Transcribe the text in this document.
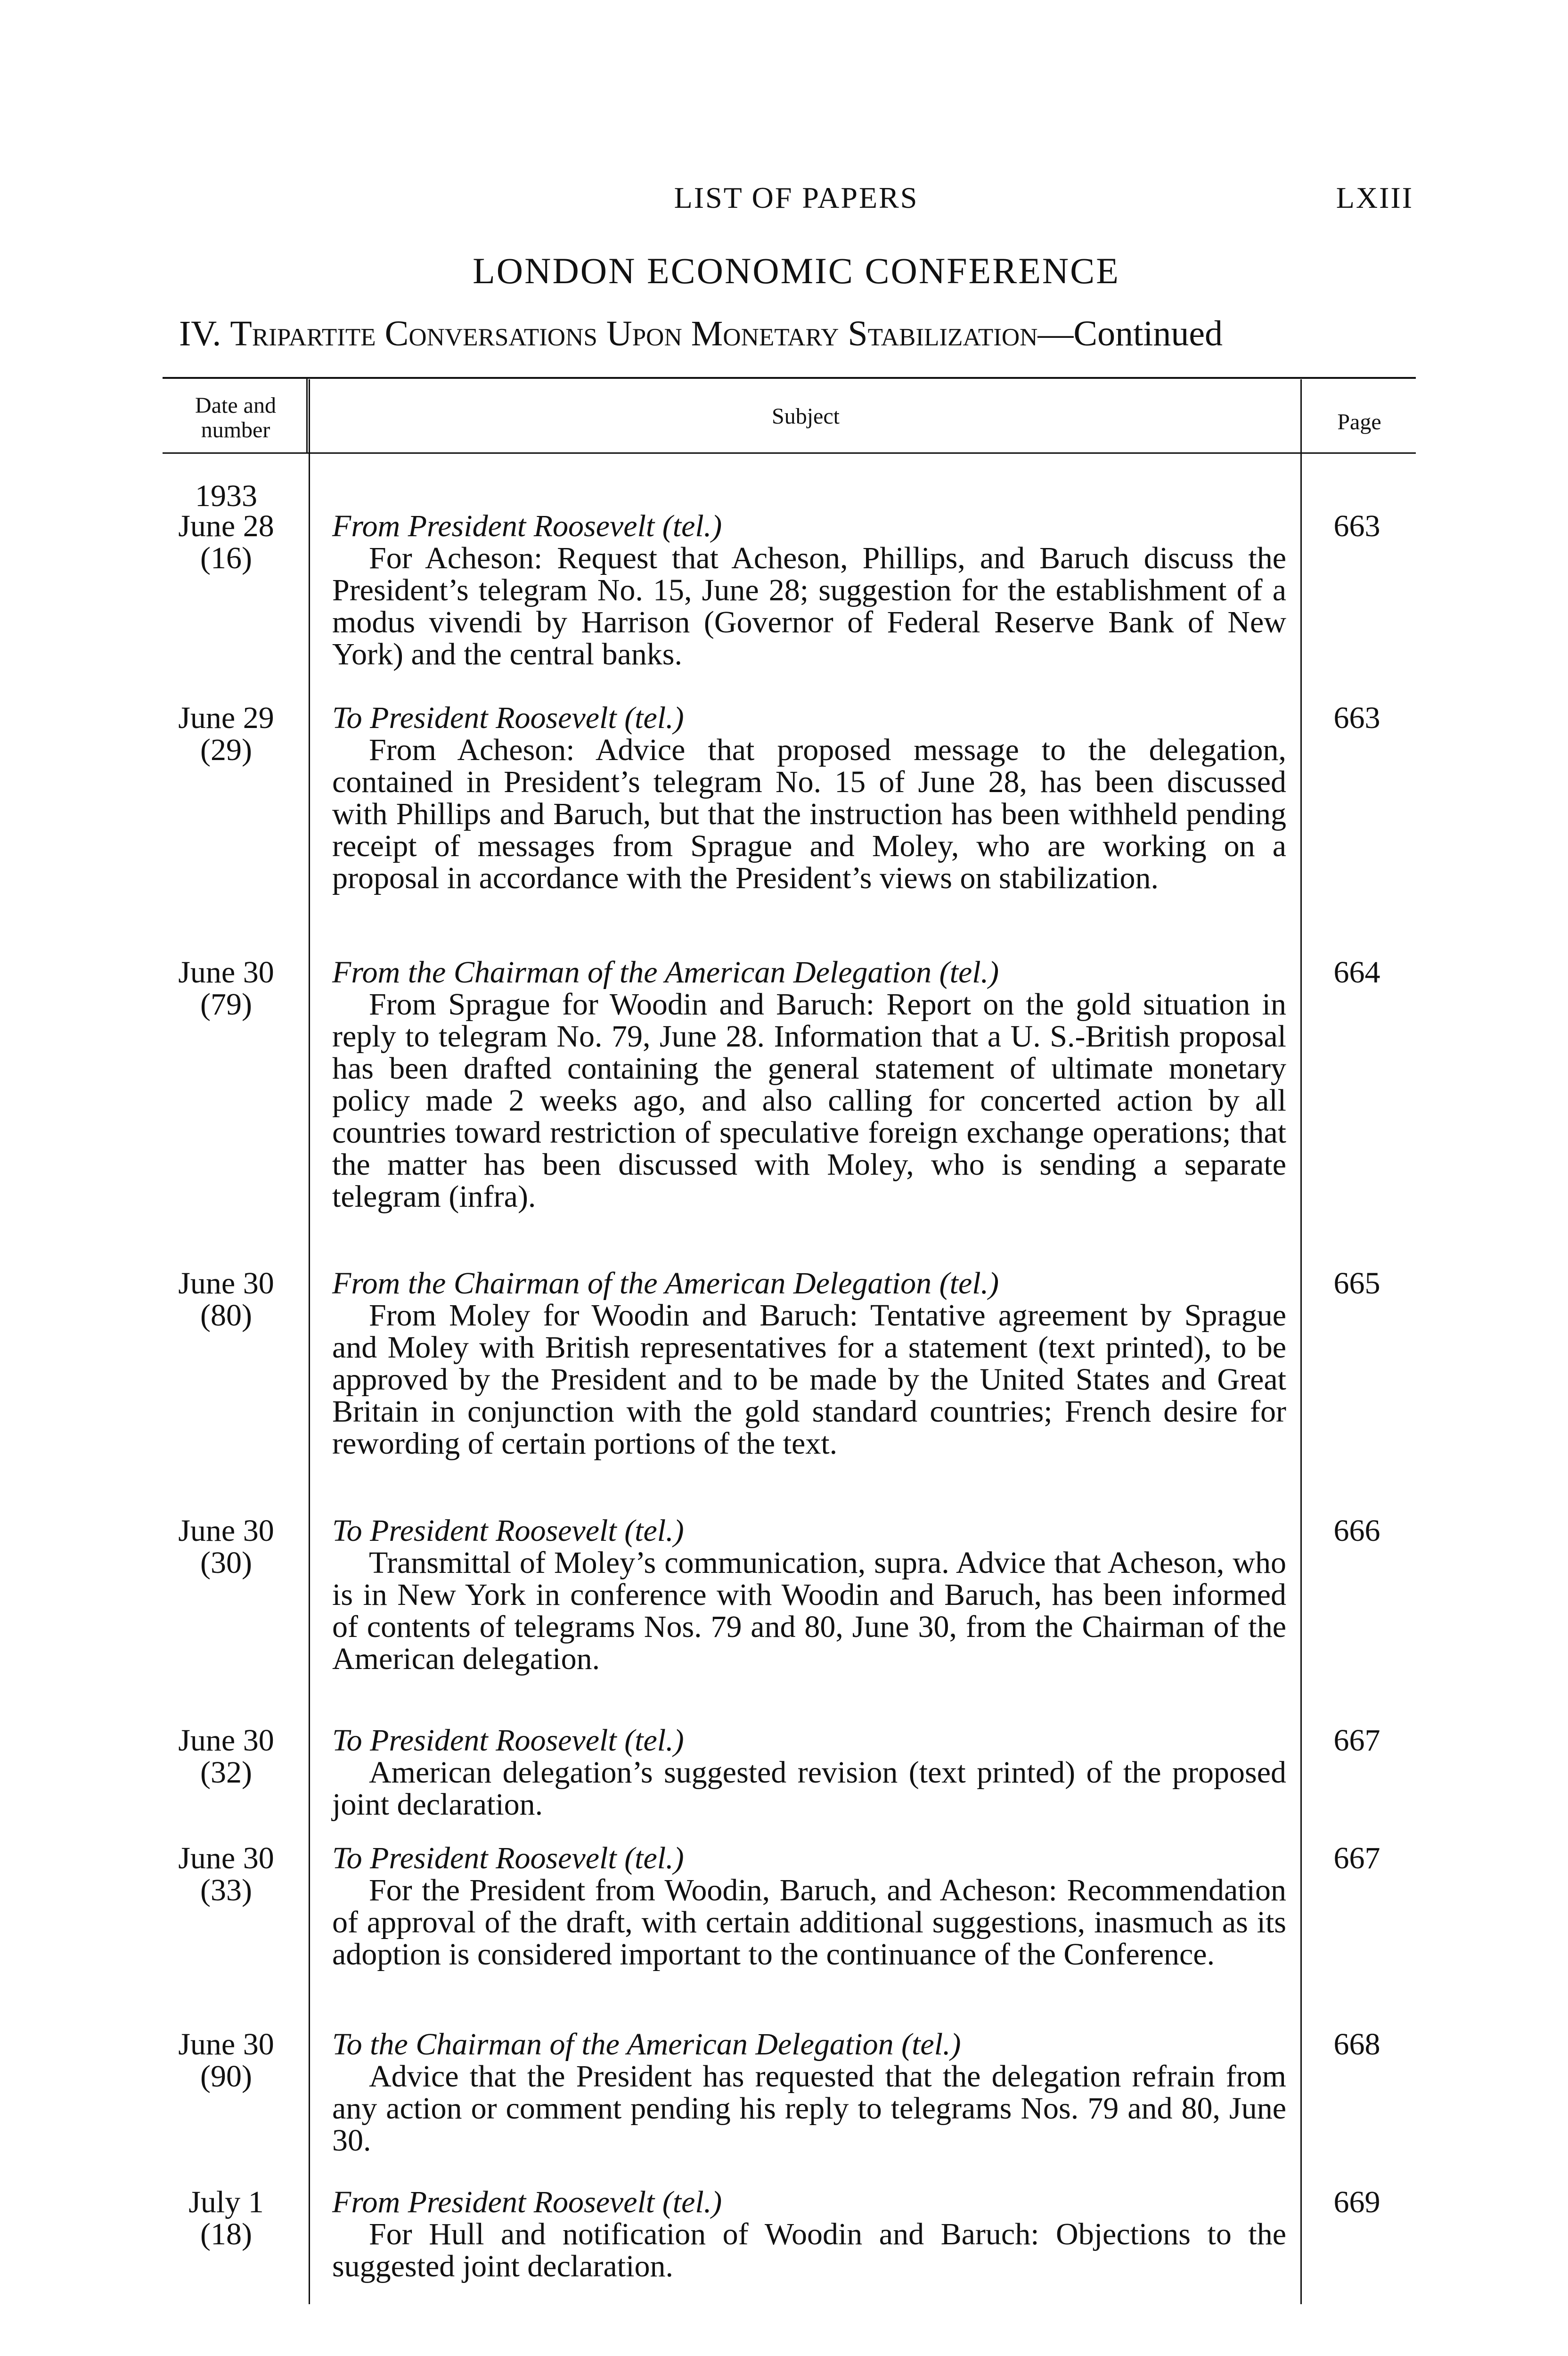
LIST OF PAPERS	LXIII
LONDON ECONOMIC CONFERENCE
IV. Tripartite Conversations Upon Monetary Stabilization—Continued
Date and
number
Subject	Page
1933
June 28
(16)
From President Roosevelt (tel.)
For Acheson: Request that Acheson, Phillips, and Baruch discuss the President’s telegram No. 15, June 28; suggestion for the establishment of a modus vivendi by Harrison (Governor of Federal Reserve Bank of New York) and the central banks.
663
June 29
(29)
To President Roosevelt (tel.)
From Acheson: Advice that proposed message to the delegation, contained in President’s telegram No. 15 of June 28, has been discussed with Phillips and Baruch, but that the instruction has been withheld pending receipt of messages from Sprague and Moley, who are working on a proposal in accordance with the President’s views on stabilization.
663
June 30
(79)
From the Chairman of the American Delegation (tel.)
From Sprague for Woodin and Baruch: Report on the gold situation in reply to telegram No. 79, June 28. Information that a U. S.-British proposal has been drafted containing the general statement of ultimate monetary policy made 2 weeks ago, and also calling for concerted action by all countries toward restriction of speculative foreign exchange operations; that the matter has been discussed with Moley, who is sending a separate telegram (infra).
664
June 30
(80)
From the Chairman of the American Delegation (tel.)
From Moley for Woodin and Baruch: Tentative agreement by Sprague and Moley with British representatives for a statement (text printed), to be approved by the President and to be made by the United States and Great Britain in conjunction with the gold standard countries; French desire for rewording of certain portions of the text.
665
June 30
(30)
To President Roosevelt (tel.)
Transmittal of Moley’s communication, supra. Advice that Acheson, who is in New York in conference with Woodin and Baruch, has been informed of contents of telegrams Nos. 79 and 80, June 30, from the Chairman of the American delegation.
666
June 30
(32)
To President Roosevelt (tel.)
American delegation’s suggested revision (text printed) of the proposed joint declaration.
667
June 30
(33)
To President Roosevelt (tel.)
For the President from Woodin, Baruch, and Acheson: Recommendation of approval of the draft, with certain additional suggestions, inasmuch as its adoption is considered important to the continuance of the Conference.
667
June 30
(90)
To the Chairman of the American Delegation (tel.)
Advice that the President has requested that the delegation refrain from any action or comment pending his reply to telegrams Nos. 79 and 80, June 30.
668
July 1
(18)
From President Roosevelt (tel.)
For Hull and notification of Woodin and Baruch: Objections to the suggested joint declaration.
669
